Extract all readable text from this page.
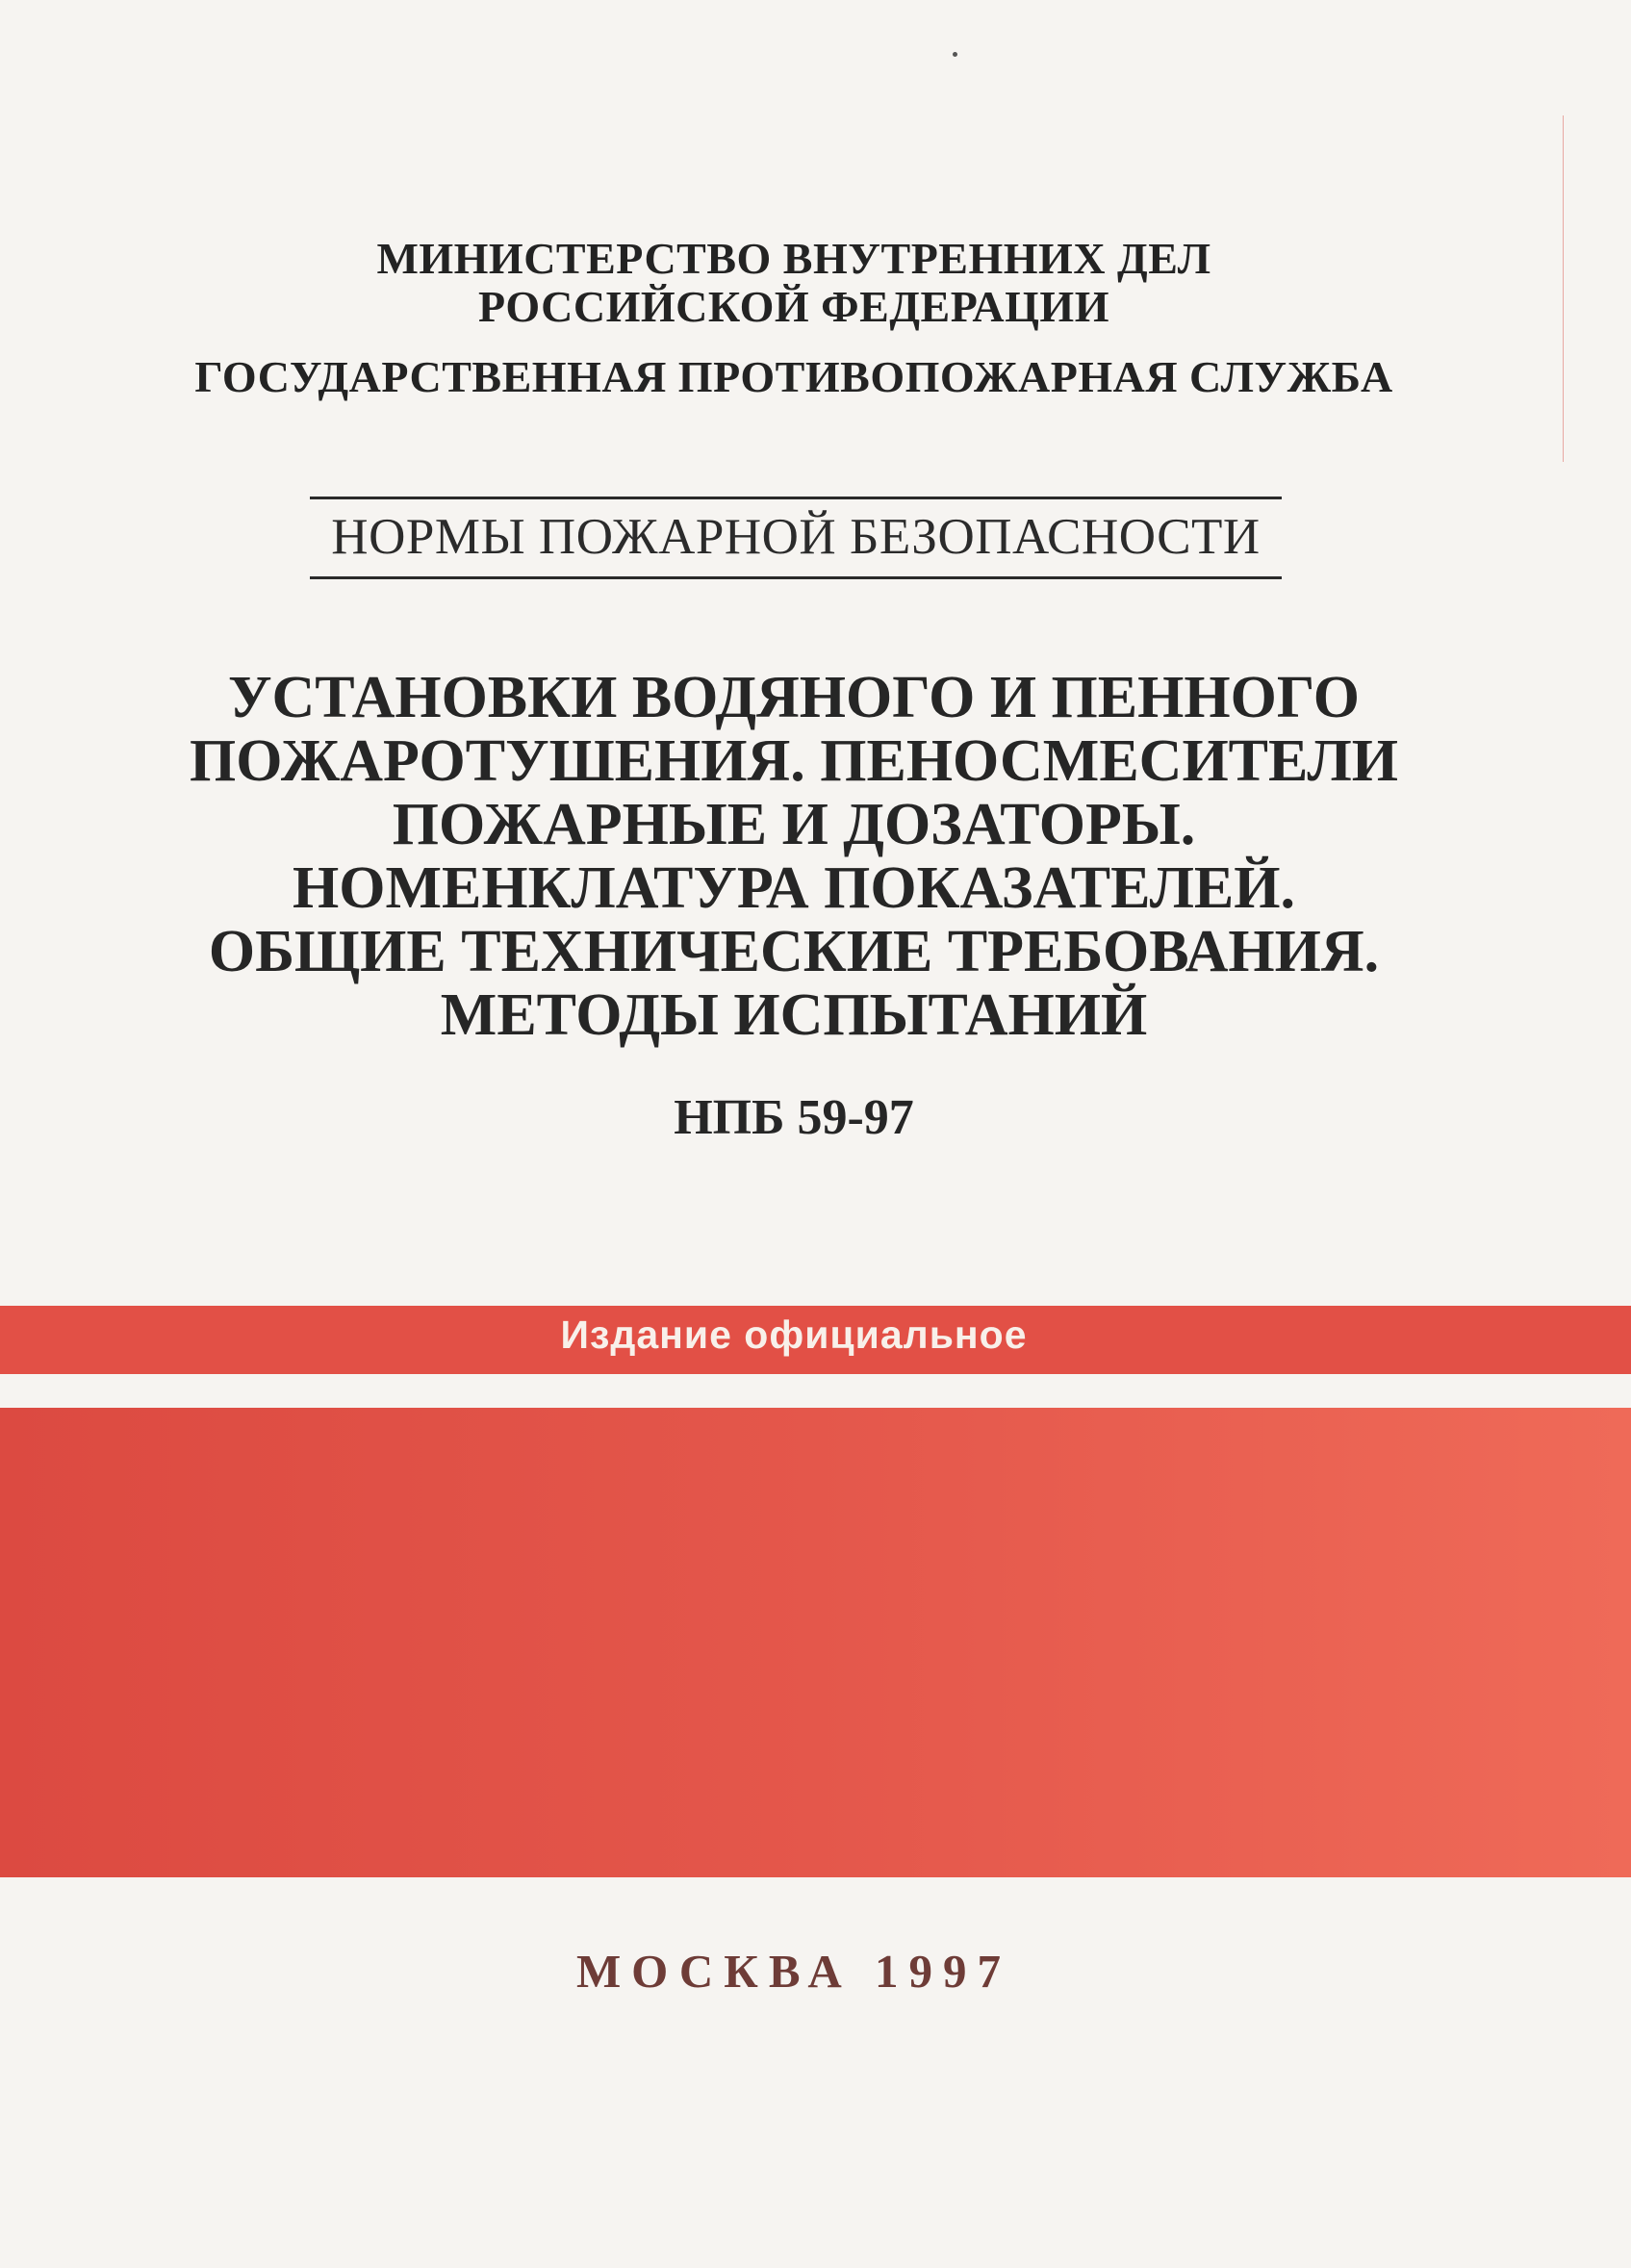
МИНИСТЕРСТВО ВНУТРЕННИХ ДЕЛ
РОССИЙСКОЙ ФЕДЕРАЦИИ
ГОСУДАРСТВЕННАЯ ПРОТИВОПОЖАРНАЯ СЛУЖБА
НОРМЫ ПОЖАРНОЙ БЕЗОПАСНОСТИ
УСТАНОВКИ ВОДЯНОГО И ПЕННОГО
ПОЖАРОТУШЕНИЯ. ПЕНОСМЕСИТЕЛИ
ПОЖАРНЫЕ И ДОЗАТОРЫ.
НОМЕНКЛАТУРА ПОКАЗАТЕЛЕЙ.
ОБЩИЕ ТЕХНИЧЕСКИЕ ТРЕБОВАНИЯ.
МЕТОДЫ ИСПЫТАНИЙ
НПБ 59-97
Издание официальное
МОСКВА 1997
